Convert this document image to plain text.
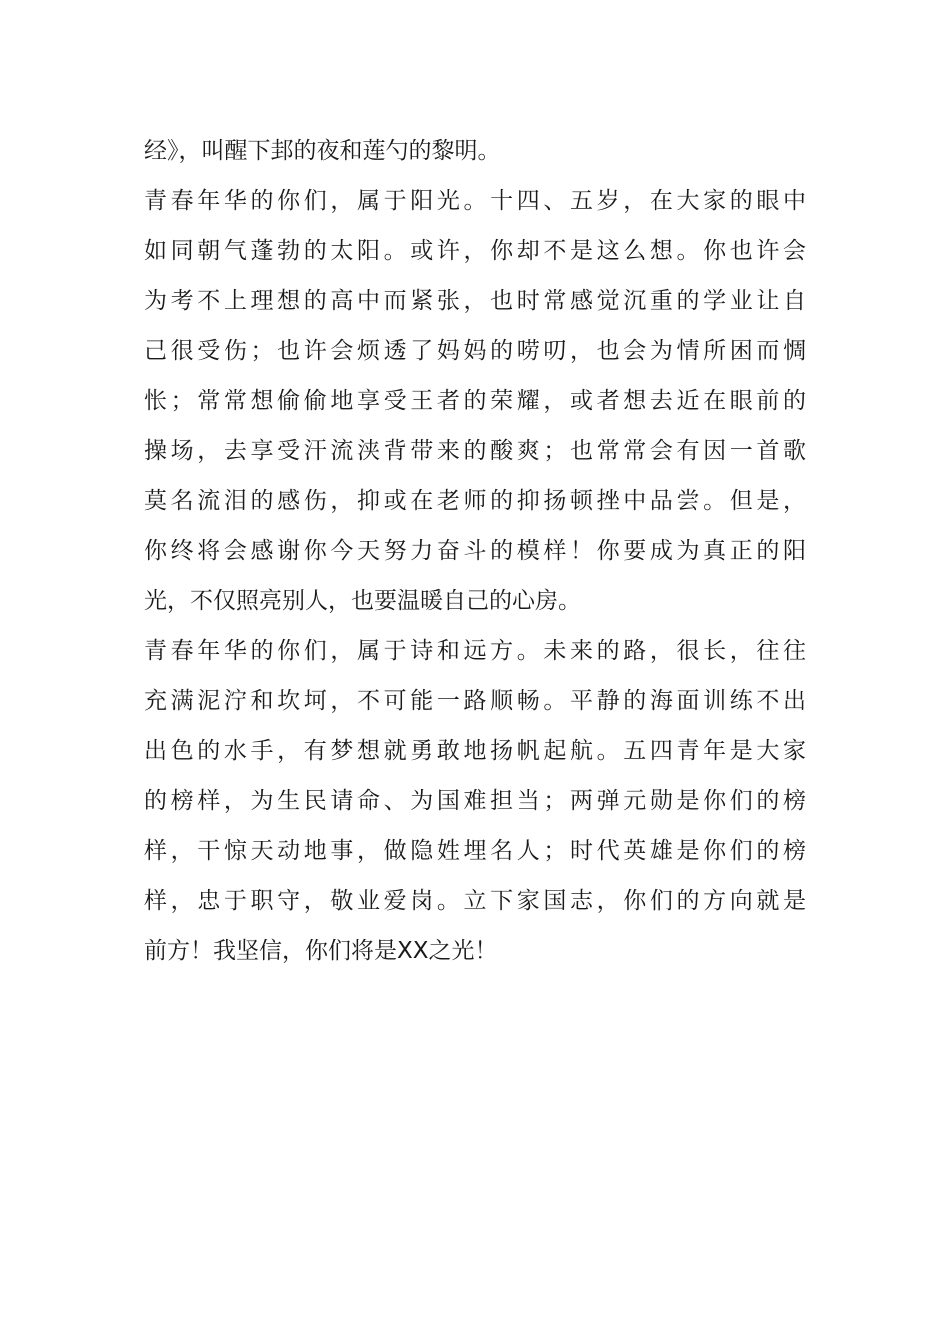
经》，叫醒下邽的夜和莲勺的黎明。
青春年华的你们，属于阳光。十四、五岁，在大家的眼中
如同朝气蓬勃的太阳。或许，你却不是这么想。你也许会
为考不上理想的高中而紧张，也时常感觉沉重的学业让自
己很受伤；也许会烦透了妈妈的唠叨，也会为情所困而惆
怅；常常想偷偷地享受王者的荣耀，或者想去近在眼前的
操场，去享受汗流浃背带来的酸爽；也常常会有因一首歌
莫名流泪的感伤，抑或在老师的抑扬顿挫中品尝。但是，
你终将会感谢你今天努力奋斗的模样！你要成为真正的阳
光，不仅照亮别人，也要温暖自己的心房。
青春年华的你们，属于诗和远方。未来的路，很长，往往
充满泥泞和坎坷，不可能一路顺畅。平静的海面训练不出
出色的水手，有梦想就勇敢地扬帆起航。五四青年是大家
的榜样，为生民请命、为国难担当；两弹元勋是你们的榜
样，干惊天动地事，做隐姓埋名人；时代英雄是你们的榜
样，忠于职守，敬业爱岗。立下家国志，你们的方向就是
前方！我坚信，你们将是XX之光！
